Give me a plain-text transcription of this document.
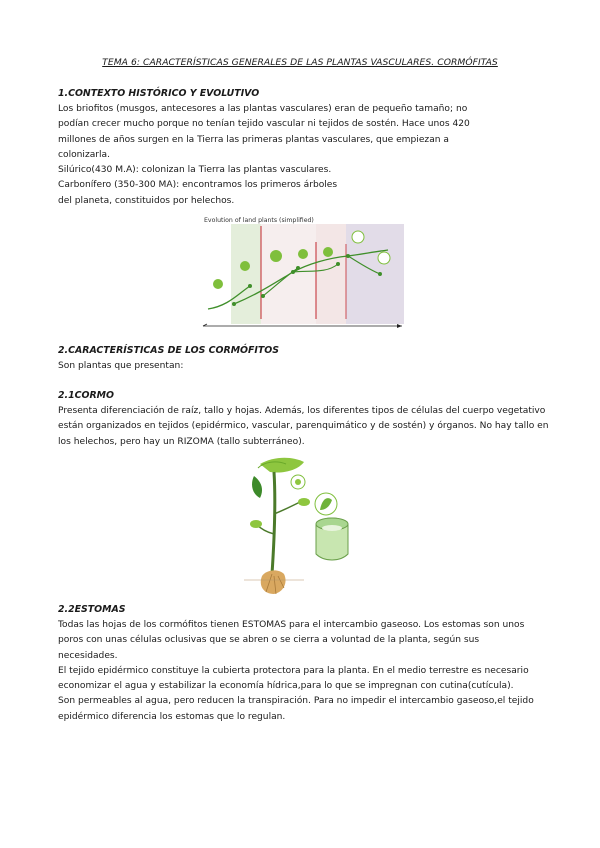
TEMA 6: CARACTERÍSTICAS GENERALES DE LAS PLANTAS VASCULARES. CORMÓFITAS
1.CONTEXTO HISTÓRICO Y EVOLUTIVO
Los briofitos (musgos, antecesores a las plantas vasculares) eran de pequeño tamaño; no
podían crecer mucho porque no tenían tejido vascular ni tejidos de sostén. Hace unos 420
millones de años surgen en la Tierra las primeras plantas vasculares, que empiezan a
colonizarla.
Silúrico(430 M.A): colonizan la Tierra las plantas vasculares.
Carbonífero (350-300 MA): encontramos los primeros árboles
del planeta, constituidos por helechos.
Evolution of land plants (simplified)
2.CARACTERÍSTICAS DE LOS CORMÓFITOS
Son plantas que presentan:
2.1CORMO
Presenta diferenciación de raíz, tallo y hojas. Además, los diferentes tipos de células del cuerpo vegetativo
están organizados en tejidos (epidérmico, vascular, parenquimático y de sostén) y órganos. No hay tallo en
los helechos, pero hay un RIZOMA (tallo subterráneo).
2.2ESTOMAS
Todas las hojas de los cormófitos tienen ESTOMAS para el intercambio gaseoso. Los estomas son unos
poros con unas células oclusivas que se abren o se cierra a voluntad de la planta, según sus
necesidades.
El tejido epidérmico constituye la cubierta protectora para la planta. En el medio terrestre es necesario
economizar el agua y estabilizar la economía hídrica,para lo que se impregnan con cutina(cutícula).
Son permeables al agua, pero reducen la transpiración. Para no impedir el intercambio gaseoso,el tejido
epidérmico diferencia los estomas que lo regulan.
